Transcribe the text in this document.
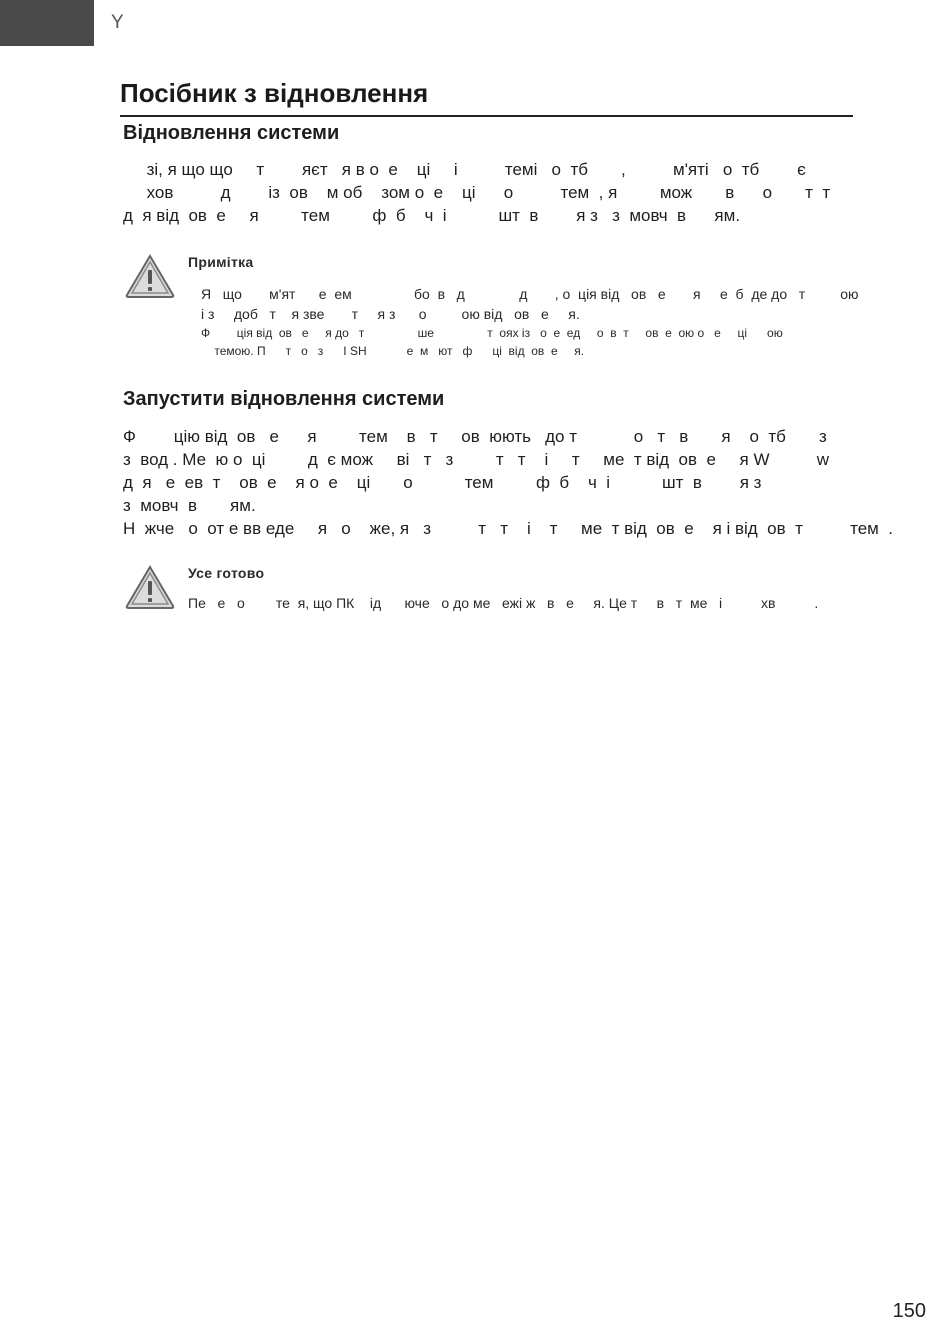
Y
Посібник з відновлення
Відновлення системи
зі, я що що     т        яєт   я в о  е    ці     і          темі   о  тб       ,          м'яті   о  тб        є
хов          д        із  ов    м об    зом о  е    ці      о          тем  , я         мож       в      о       т  т
д  я від  ов  е     я         тем         ф  б    ч  і           шт  в        я з   з  мовч  в      ям.
Примітка
Я   що       м'ят      е  ем                бо  в   д              д       , о  ція від   ов   е       я     е  б  де до   т         ою
і з     доб   т    я зве       т     я з      о         ою від   ов   е     я.
Ф        ція від  ов   е     я до   т                ше                т  оях із   о  е  ед     о  в  т     ов  е  ою о   е     ці      ою
темою. П      т   о   з      I SH            е  м   ют   ф      ці  від  ов  е     я.
Запустити відновлення системи
Ф        цію від  ов   е      я         тем    в   т     ов  юють   до т            о   т   в       я    о  тб       з
з  вод . Ме  ю о  ці         д  є мож     ві   т   з         т   т    і     т     ме  т від  ов  е     я W          w
д  я   е  ев  т    ов  е    я о  е    ці       о           тем         ф  б    ч  і           шт  в        я з
з  мовч  в       ям.
Н  жче   о  от е вв еде     я   о    же, я   з          т   т    і    т     ме  т від  ов  е    я і від  ов  т          тем  .
Усе готово
Пе   е   о        те  я, що ПК    ід      юче   о до ме   ежі ж   в   е     я. Це т     в   т  ме   і          хв          .
150
